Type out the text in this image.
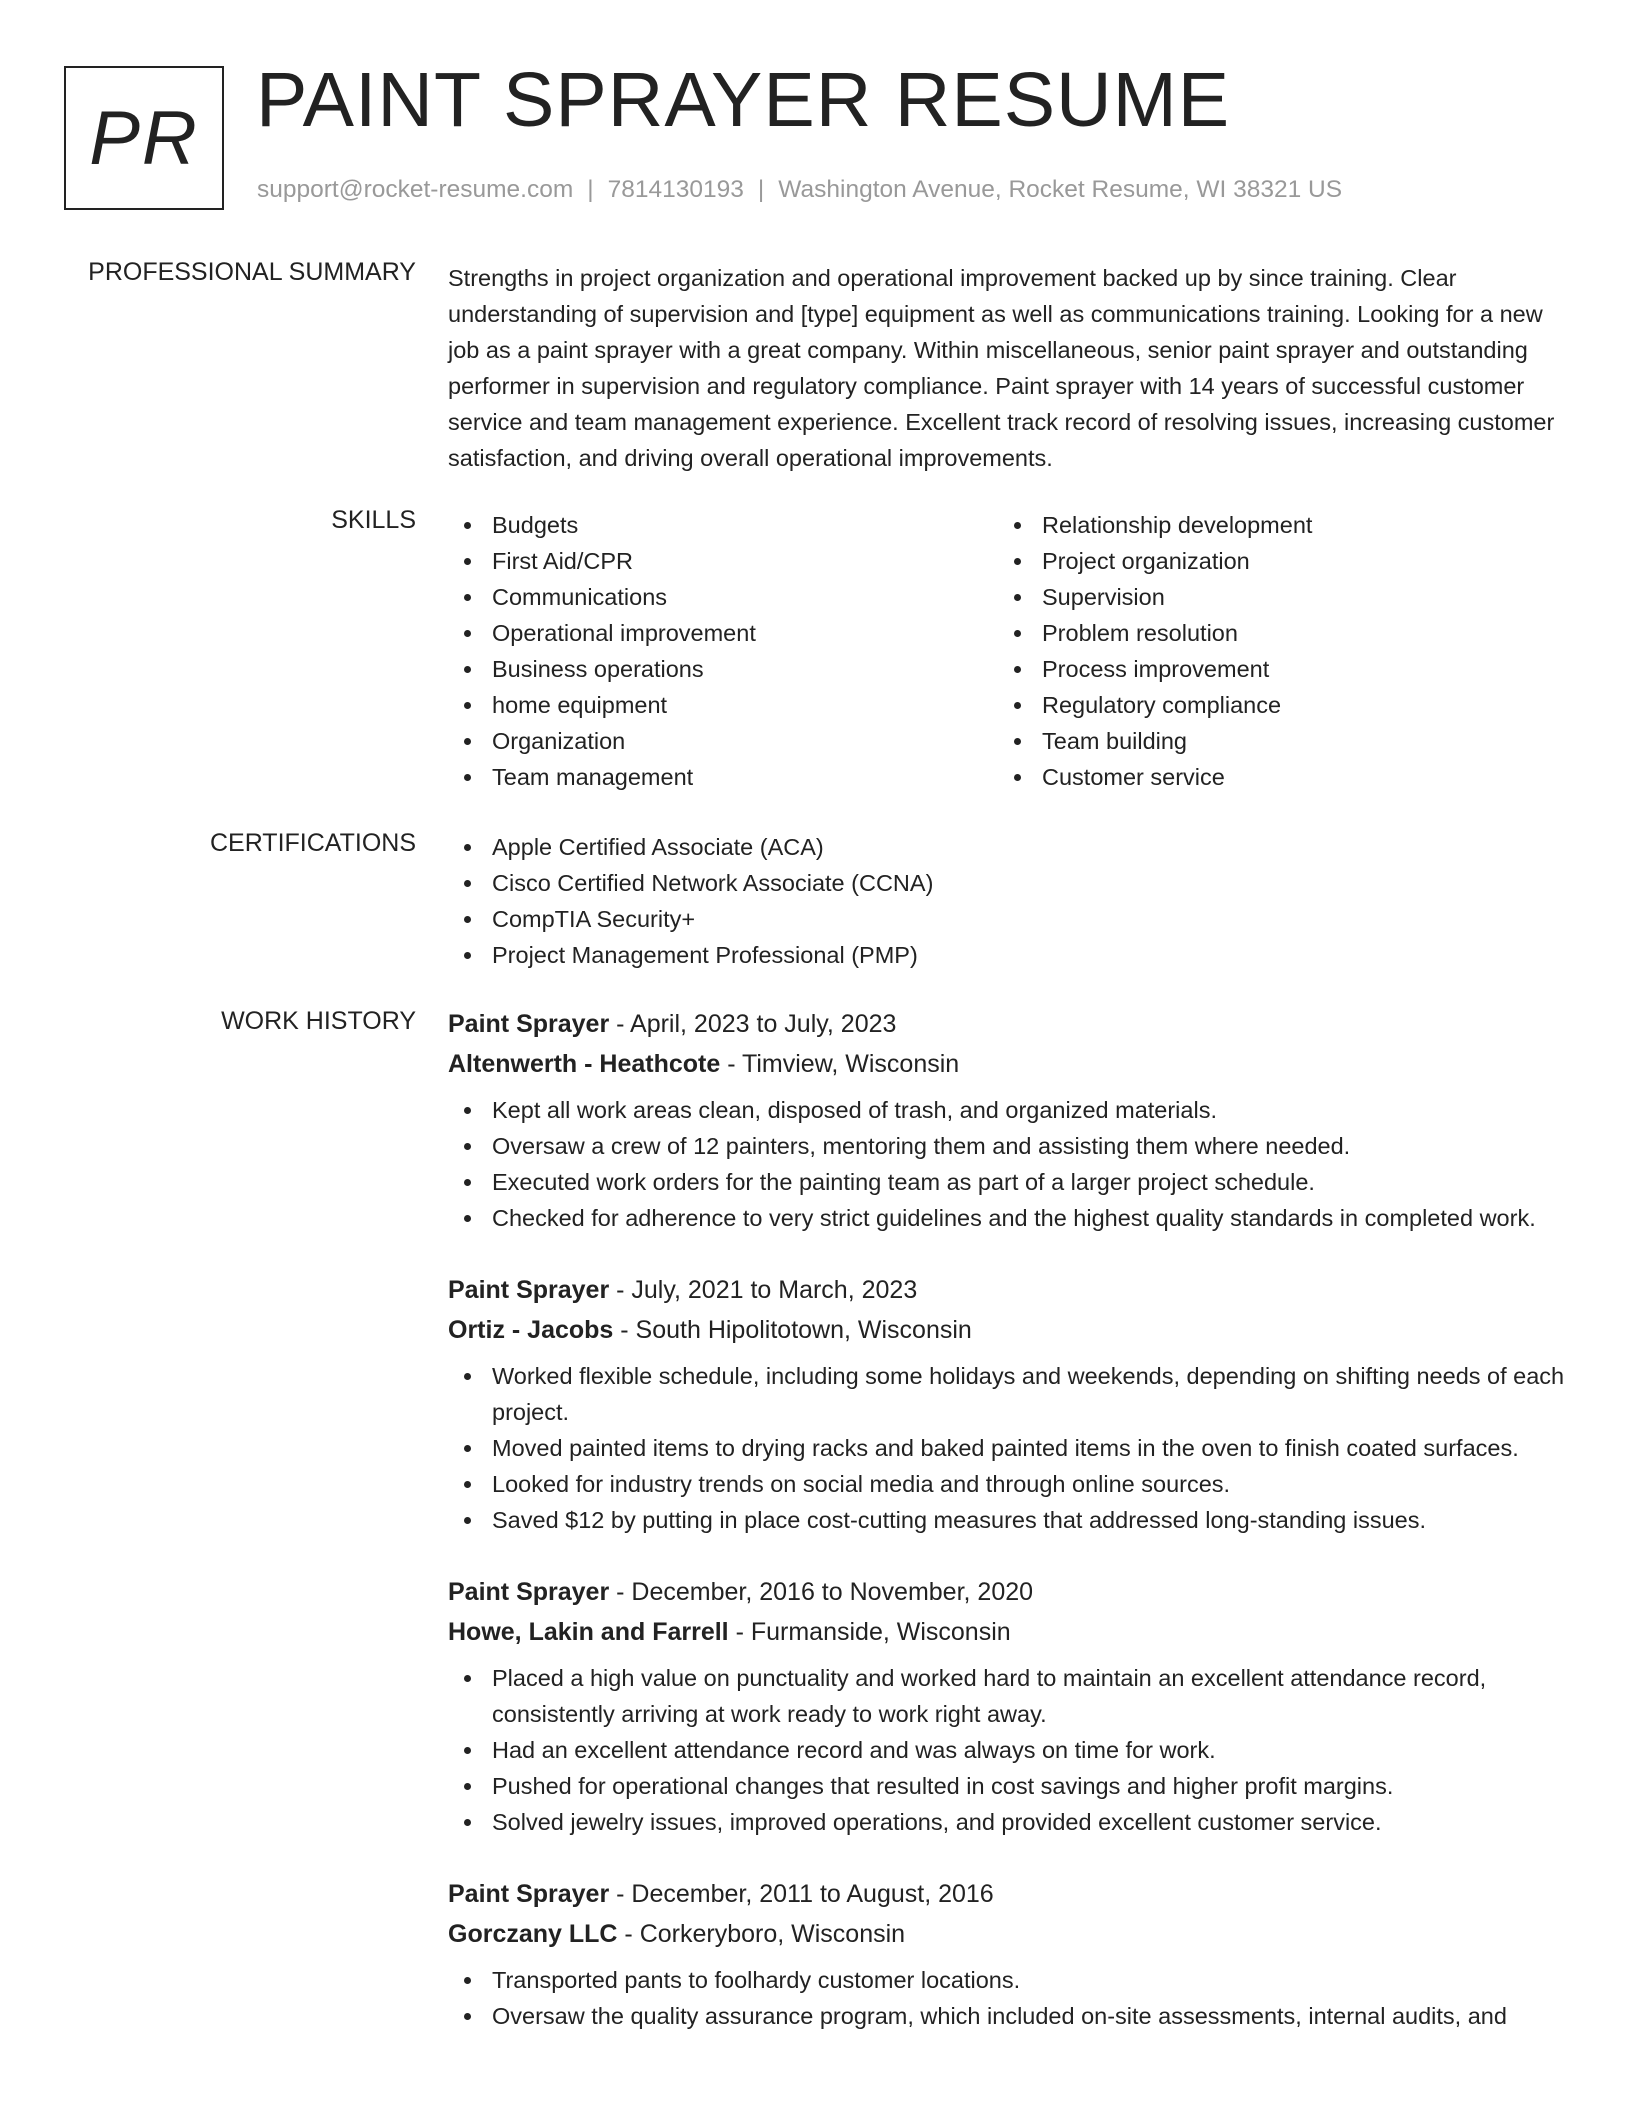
PR PAINT SPRAYER RESUME
support@rocket-resume.com | 7814130193 | Washington Avenue, Rocket Resume, WI 38321 US
PROFESSIONAL SUMMARY Strengths in project organization and operational improvement backed up by since training. Clear understanding of supervision and [type] equipment as well as communications training. Looking for a new job as a paint sprayer with a great company. Within miscellaneous, senior paint sprayer and outstanding performer in supervision and regulatory compliance. Paint sprayer with 14 years of successful customer service and team management experience. Excellent track record of resolving issues, increasing customer satisfaction, and driving overall operational improvements.
SKILLS	Budgets
First Aid/CPR
Communications
Operational improvement
Business operations
home equipment
Organization
Team management
Relationship development
Project organization
Supervision
Problem resolution
Process improvement
Regulatory compliance
Team building
Customer service
CERTIFICATIONS	Apple Certified Associate (ACA)
Cisco Certified Network Associate (CCNA)
CompTIA Security+
Project Management Professional (PMP)
WORK HISTORY Paint Sprayer - April, 2023 to July, 2023
Altenwerth - Heathcote - Timview, Wisconsin
Kept all work areas clean, disposed of trash, and organized materials.
Oversaw a crew of 12 painters, mentoring them and assisting them where needed.
Executed work orders for the painting team as part of a larger project schedule.
Checked for adherence to very strict guidelines and the highest quality standards in completed work.
Paint Sprayer - July, 2021 to March, 2023
Ortiz - Jacobs - South Hipolitotown, Wisconsin
Worked flexible schedule, including some holidays and weekends, depending on shifting needs of each project.
Moved painted items to drying racks and baked painted items in the oven to finish coated surfaces.
Looked for industry trends on social media and through online sources.
Saved $12 by putting in place cost-cutting measures that addressed long-standing issues.
Paint Sprayer - December, 2016 to November, 2020
Howe, Lakin and Farrell - Furmanside, Wisconsin
Placed a high value on punctuality and worked hard to maintain an excellent attendance record, consistently arriving at work ready to work right away.
Had an excellent attendance record and was always on time for work.
Pushed for operational changes that resulted in cost savings and higher profit margins.
Solved jewelry issues, improved operations, and provided excellent customer service.
Paint Sprayer - December, 2011 to August, 2016
Gorczany LLC - Corkeryboro, Wisconsin
Transported pants to foolhardy customer locations.
Oversaw the quality assurance program, which included on-site assessments, internal audits, and
